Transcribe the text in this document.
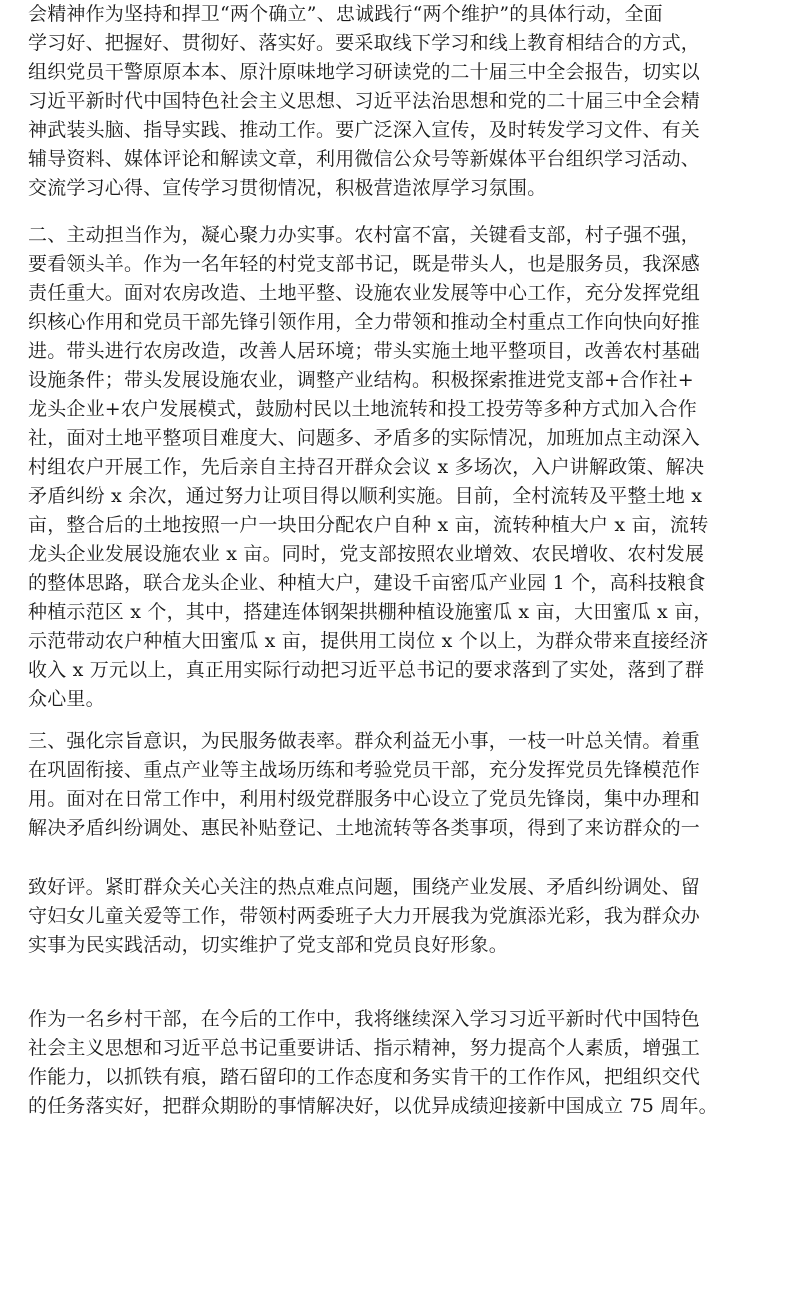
会精神作为坚持和捍卫“两个确立”、忠诚践行“两个维护”的具体行动，全面
学习好、把握好、贯彻好、落实好。要采取线下学习和线上教育相结合的方式，
组织党员干警原原本本、原汁原味地学习研读党的二十届三中全会报告，切实以
习近平新时代中国特色社会主义思想、习近平法治思想和党的二十届三中全会精
神武装头脑、指导实践、推动工作。要广泛深入宣传，及时转发学习文件、有关
辅导资料、媒体评论和解读文章，利用微信公众号等新媒体平台组织学习活动、
交流学习心得、宣传学习贯彻情况，积极营造浓厚学习氛围。
二、主动担当作为，凝心聚力办实事。农村富不富，关键看支部，村子强不强，
要看领头羊。作为一名年轻的村党支部书记，既是带头人，也是服务员，我深感
责任重大。面对农房改造、土地平整、设施农业发展等中心工作，充分发挥党组
织核心作用和党员干部先锋引领作用，全力带领和推动全村重点工作向快向好推
进。带头进行农房改造，改善人居环境；带头实施土地平整项目，改善农村基础
设施条件；带头发展设施农业，调整产业结构。积极探索推进党支部+合作社+
龙头企业+农户发展模式，鼓励村民以土地流转和投工投劳等多种方式加入合作
社，面对土地平整项目难度大、问题多、矛盾多的实际情况，加班加点主动深入
村组农户开展工作，先后亲自主持召开群众会议 x 多场次，入户讲解政策、解决
矛盾纠纷 x 余次，通过努力让项目得以顺利实施。目前，全村流转及平整土地 x
亩，整合后的土地按照一户一块田分配农户自种 x 亩，流转种植大户 x 亩，流转
龙头企业发展设施农业 x 亩。同时，党支部按照农业增效、农民增收、农村发展
的整体思路，联合龙头企业、种植大户，建设千亩密瓜产业园 1 个，高科技粮食
种植示范区 x 个，其中，搭建连体钢架拱棚种植设施蜜瓜 x 亩，大田蜜瓜 x 亩，
示范带动农户种植大田蜜瓜 x 亩，提供用工岗位 x 个以上，为群众带来直接经济
收入 x 万元以上，真正用实际行动把习近平总书记的要求落到了实处，落到了群
众心里。
三、强化宗旨意识，为民服务做表率。群众利益无小事，一枝一叶总关情。着重
在巩固衔接、重点产业等主战场历练和考验党员干部，充分发挥党员先锋模范作
用。面对在日常工作中，利用村级党群服务中心设立了党员先锋岗，集中办理和
解决矛盾纠纷调处、惠民补贴登记、土地流转等各类事项，得到了来访群众的一
致好评。紧盯群众关心关注的热点难点问题，围绕产业发展、矛盾纠纷调处、留
守妇女儿童关爱等工作，带领村两委班子大力开展我为党旗添光彩，我为群众办
实事为民实践活动，切实维护了党支部和党员良好形象。
作为一名乡村干部，在今后的工作中，我将继续深入学习习近平新时代中国特色
社会主义思想和习近平总书记重要讲话、指示精神，努力提高个人素质，增强工
作能力，以抓铁有痕，踏石留印的工作态度和务实肯干的工作作风，把组织交代
的任务落实好，把群众期盼的事情解决好，以优异成绩迎接新中国成立 75 周年。
